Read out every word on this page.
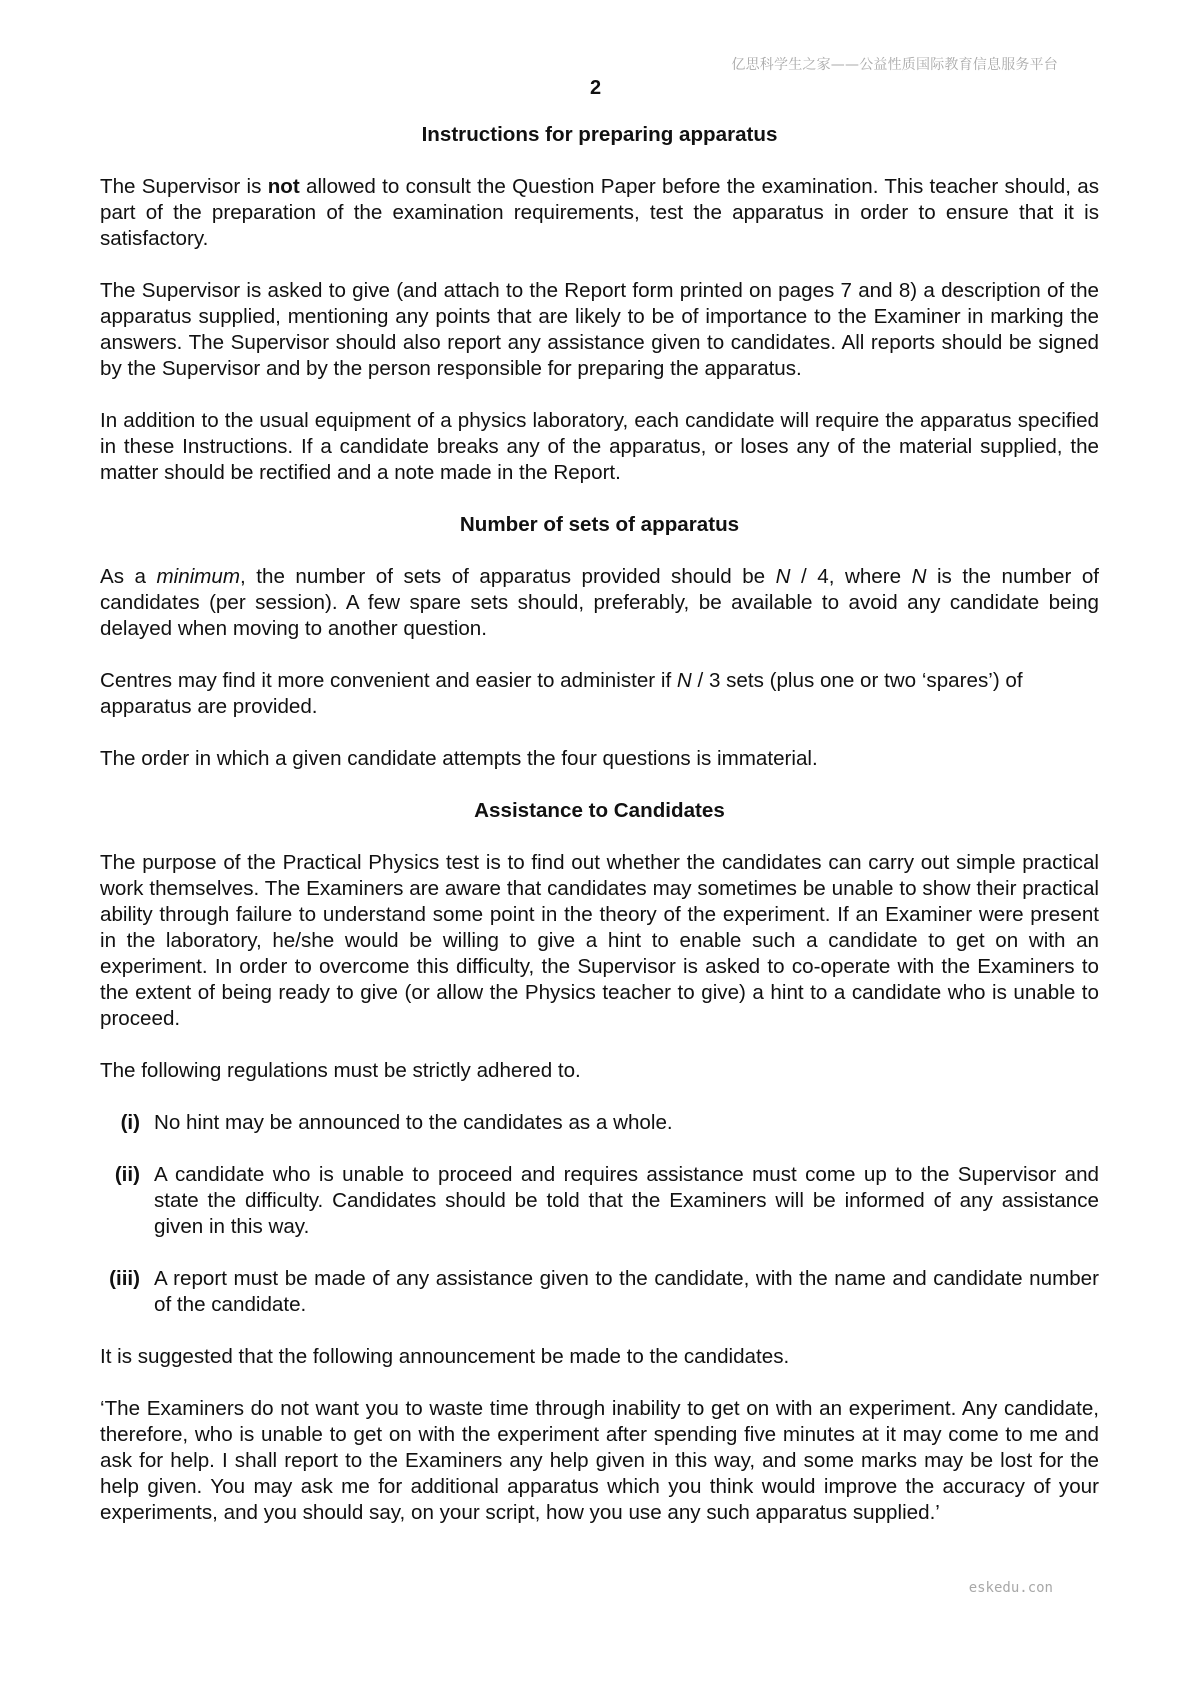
亿思科学生之家——公益性质国际教育信息服务平台
2
Instructions for preparing apparatus

The Supervisor is not allowed to consult the Question Paper before the examination. This teacher should, as part of the preparation of the examination requirements, test the apparatus in order to ensure that it is satisfactory.

The Supervisor is asked to give (and attach to the Report form printed on pages 7 and 8) a description of the apparatus supplied, mentioning any points that are likely to be of importance to the Examiner in marking the answers. The Supervisor should also report any assistance given to candidates. All reports should be signed by the Supervisor and by the person responsible for preparing the apparatus.

In addition to the usual equipment of a physics laboratory, each candidate will require the apparatus specified in these Instructions. If a candidate breaks any of the apparatus, or loses any of the material supplied, the matter should be rectified and a note made in the Report.

Number of sets of apparatus

As a minimum, the number of sets of apparatus provided should be N / 4, where N is the number of candidates (per session). A few spare sets should, preferably, be available to avoid any candidate being delayed when moving to another question.

Centres may find it more convenient and easier to administer if N / 3 sets (plus one or two ‘spares’) of apparatus are provided.

The order in which a given candidate attempts the four questions is immaterial.

Assistance to Candidates

The purpose of the Practical Physics test is to find out whether the candidates can carry out simple practical work themselves. The Examiners are aware that candidates may sometimes be unable to show their practical ability through failure to understand some point in the theory of the experiment. If an Examiner were present in the laboratory, he/she would be willing to give a hint to enable such a candidate to get on with an experiment. In order to overcome this difficulty, the Supervisor is asked to co-operate with the Examiners to the extent of being ready to give (or allow the Physics teacher to give) a hint to a candidate who is unable to proceed.

The following regulations must be strictly adhered to.

(i) No hint may be announced to the candidates as a whole.
(ii) A candidate who is unable to proceed and requires assistance must come up to the Supervisor and state the difficulty. Candidates should be told that the Examiners will be informed of any assistance given in this way.
(iii) A report must be made of any assistance given to the candidate, with the name and candidate number of the candidate.

It is suggested that the following announcement be made to the candidates.

‘The Examiners do not want you to waste time through inability to get on with an experiment. Any candidate, therefore, who is unable to get on with the experiment after spending five minutes at it may come to me and ask for help. I shall report to the Examiners any help given in this way, and some marks may be lost for the help given. You may ask me for additional apparatus which you think would improve the accuracy of your experiments, and you should say, on your script, how you use any such apparatus supplied.’

eskedu.con
